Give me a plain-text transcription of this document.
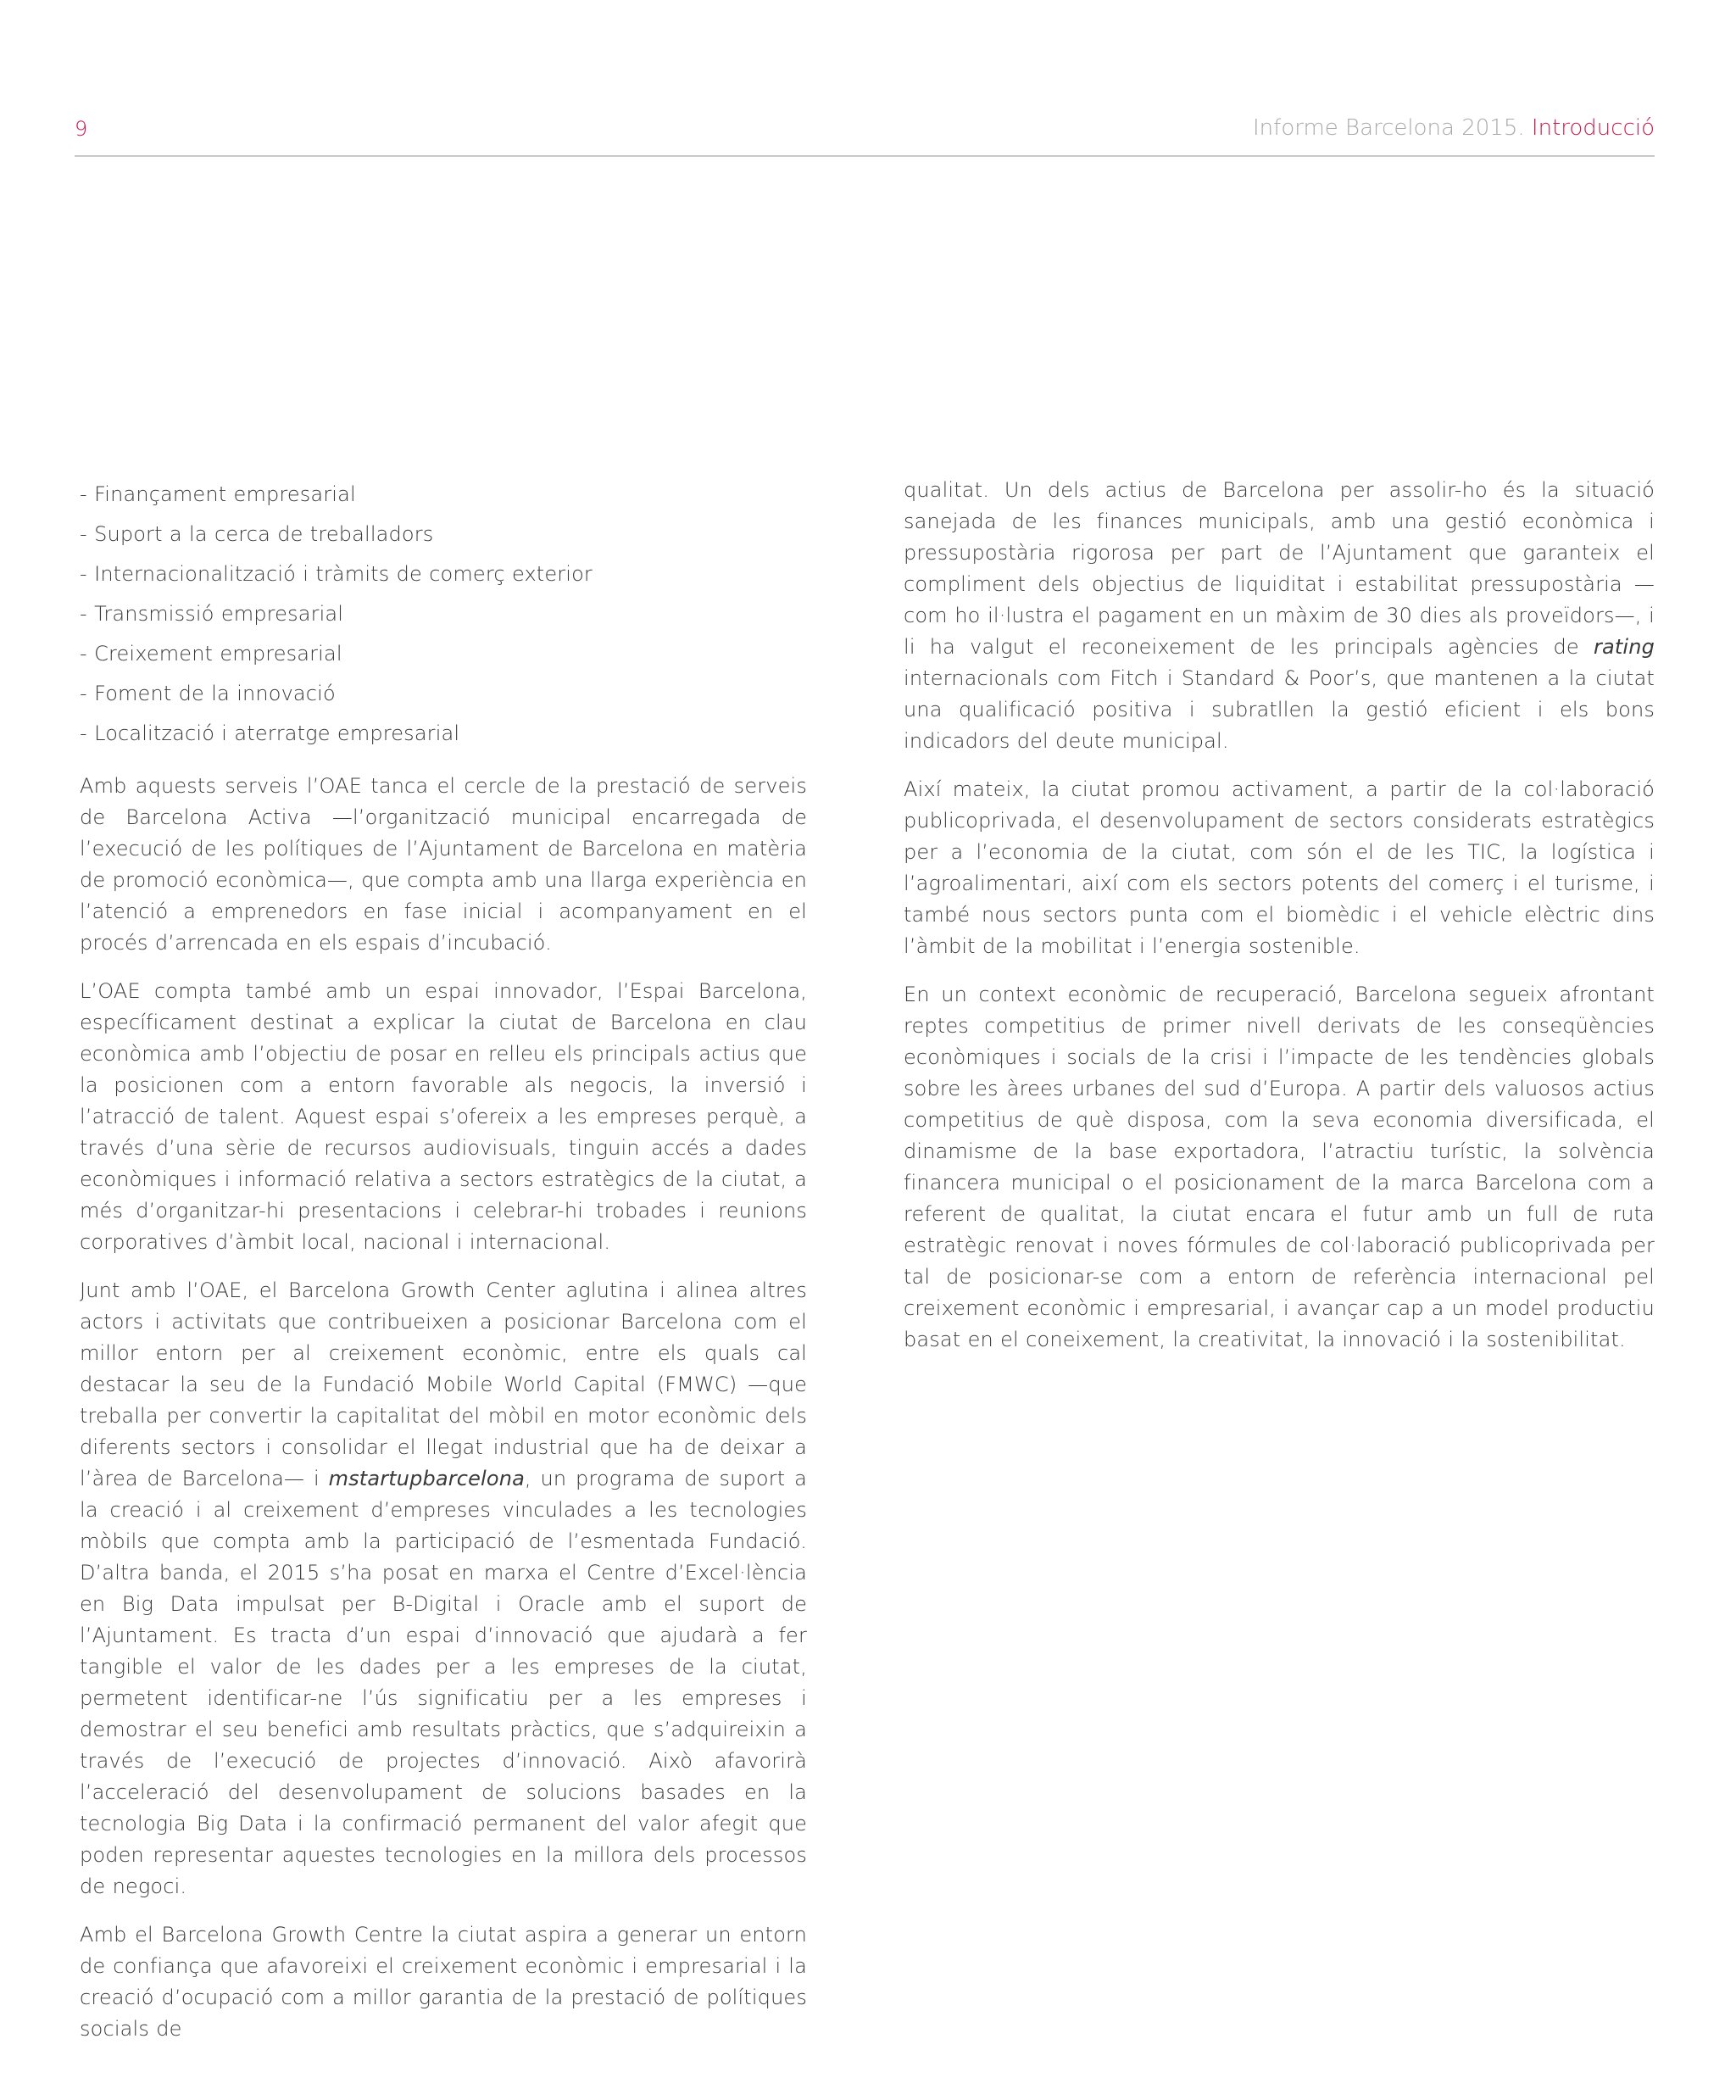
9	Informe Barcelona 2015. Introducció
- Finançament empresarial
- Suport a la cerca de treballadors
- Internacionalització i tràmits de comerç exterior
- Transmissió empresarial
- Creixement empresarial
- Foment de la innovació
- Localització i aterratge empresarial

Amb aquests serveis l’OAE tanca el cercle de la prestació de serveis de Barcelona Activa —l’organització municipal encarregada de l’execució de les polítiques de l’Ajuntament de Barcelona en matèria de promoció econòmica—, que compta amb una llarga experiència en l’atenció a emprenedors en fase inicial i acompanyament en el procés d’arrencada en els espais d’incubació.

L’OAE compta també amb un espai innovador, l’Espai Barcelona, específicament destinat a explicar la ciutat de Barcelona en clau econòmica amb l’objectiu de posar en relleu els principals actius que la posicionen com a entorn favorable als negocis, la inversió i l’atracció de talent. Aquest espai s’ofereix a les empreses perquè, a través d’una sèrie de recursos audiovisuals, tinguin accés a dades econòmiques i informació relativa a sectors estratègics de la ciutat, a més d’organitzar-hi presentacions i celebrar-hi trobades i reunions corporatives d’àmbit local, nacional i internacional.

Junt amb l’OAE, el Barcelona Growth Center aglutina i alinea altres actors i activitats que contribueixen a posicionar Barcelona com el millor entorn per al creixement econòmic, entre els quals cal destacar la seu de la Fundació Mobile World Capital (FMWC) —que treballa per convertir la capitalitat del mòbil en motor econòmic dels diferents sectors i consolidar el llegat industrial que ha de deixar a l’àrea de Barcelona— i mstartupbarcelona, un programa de suport a la creació i al creixement d’empreses vinculades a les tecnologies mòbils que compta amb la participació de l’esmentada Fundació. D’altra banda, el 2015 s’ha posat en marxa el Centre d’Excel·lència en Big Data impulsat per B-Digital i Oracle amb el suport de l’Ajuntament. Es tracta d’un espai d’innovació que ajudarà a fer tangible el valor de les dades per a les empreses de la ciutat, permetent identificar-ne l’ús significatiu per a les empreses i demostrar el seu benefici amb resultats pràctics, que s’adquireixin a través de l’execució de projectes d’innovació. Això afavorirà l’acceleració del desenvolupament de solucions basades en la tecnologia Big Data i la confirmació permanent del valor afegit que poden representar aquestes tecnologies en la millora dels processos de negoci.

Amb el Barcelona Growth Centre la ciutat aspira a generar un entorn de confiança que afavoreixi el creixement econòmic i empresarial i la creació d’ocupació com a millor garantia de la prestació de polítiques socials de

qualitat. Un dels actius de Barcelona per assolir-ho és la situació sanejada de les finances municipals, amb una gestió econòmica i pressupostària rigorosa per part de l’Ajuntament que garanteix el compliment dels objectius de liquiditat i estabilitat pressupostària —com ho il·lustra el pagament en un màxim de 30 dies als proveïdors—, i li ha valgut el reconeixement de les principals agències de rating internacionals com Fitch i Standard & Poor’s, que mantenen a la ciutat una qualificació positiva i subratllen la gestió eficient i els bons indicadors del deute municipal.

Així mateix, la ciutat promou activament, a partir de la col·laboració publicoprivada, el desenvolupament de sectors considerats estratègics per a l’economia de la ciutat, com són el de les TIC, la logística i l’agroalimentari, així com els sectors potents del comerç i el turisme, i també nous sectors punta com el biomèdic i el vehicle elèctric dins l’àmbit de la mobilitat i l’energia sostenible.

En un context econòmic de recuperació, Barcelona segueix afrontant reptes competitius de primer nivell derivats de les conseqüències econòmiques i socials de la crisi i l’impacte de les tendències globals sobre les àrees urbanes del sud d’Europa. A partir dels valuosos actius competitius de què disposa, com la seva economia diversificada, el dinamisme de la base exportadora, l’atractiu turístic, la solvència financera municipal o el posicionament de la marca Barcelona com a referent de qualitat, la ciutat encara el futur amb un full de ruta estratègic renovat i noves fórmules de col·laboració publicoprivada per tal de posicionar-se com a entorn de referència internacional pel creixement econòmic i empresarial, i avançar cap a un model productiu basat en el coneixement, la creativitat, la innovació i la sostenibilitat.
